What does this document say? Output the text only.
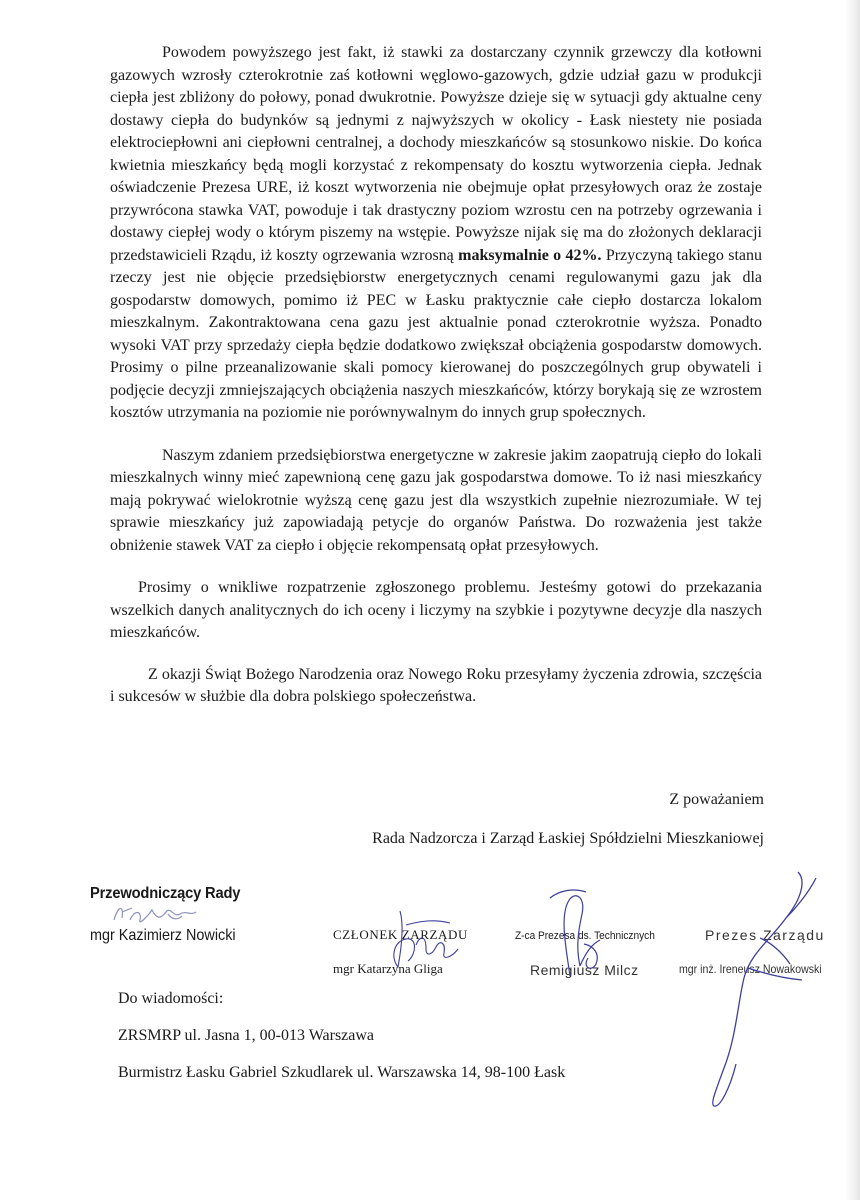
Powodem powyższego jest fakt, iż stawki za dostarczany czynnik grzewczy dla kotłowni gazowych wzrosły czterokrotnie zaś kotłowni węglowo-gazowych, gdzie udział gazu w produkcji ciepła jest zbliżony do połowy, ponad dwukrotnie. Powyższe dzieje się w sytuacji gdy aktualne ceny dostawy ciepła do budynków są jednymi z najwyższych w okolicy - Łask niestety nie posiada elektrociepłowni ani ciepłowni centralnej, a dochody mieszkańców są stosunkowo niskie. Do końca kwietnia mieszkańcy będą mogli korzystać z rekompensaty do kosztu wytworzenia ciepła. Jednak oświadczenie Prezesa URE, iż koszt wytworzenia nie obejmuje opłat przesyłowych oraz że zostaje przywrócona stawka VAT, powoduje i tak drastyczny poziom wzrostu cen na potrzeby ogrzewania i dostawy ciepłej wody o którym piszemy na wstępie. Powyższe nijak się ma do złożonych deklaracji przedstawicieli Rządu, iż koszty ogrzewania wzrosną maksymalnie o 42%. Przyczyną takiego stanu rzeczy jest nie objęcie przedsiębiorstw energetycznych cenami regulowanymi gazu jak dla gospodarstw domowych, pomimo iż PEC w Łasku praktycznie całe ciepło dostarcza lokalom mieszkalnym. Zakontraktowana cena gazu jest aktualnie ponad czterokrotnie wyższa. Ponadto wysoki VAT przy sprzedaży ciepła będzie dodatkowo zwiększał obciążenia gospodarstw domowych. Prosimy o pilne przeanalizowanie skali pomocy kierowanej do poszczególnych grup obywateli i podjęcie decyzji zmniejszających obciążenia naszych mieszkańców, którzy borykają się ze wzrostem kosztów utrzymania na poziomie nie porównywalnym do innych grup społecznych.

Naszym zdaniem przedsiębiorstwa energetyczne w zakresie jakim zaopatrują ciepło do lokali mieszkalnych winny mieć zapewnioną cenę gazu jak gospodarstwa domowe. To iż nasi mieszkańcy mają pokrywać wielokrotnie wyższą cenę gazu jest dla wszystkich zupełnie niezrozumiałe. W tej sprawie mieszkańcy już zapowiadają petycje do organów Państwa. Do rozważenia jest także obniżenie stawek VAT za ciepło i objęcie rekompensatą opłat przesyłowych.

Prosimy o wnikliwe rozpatrzenie zgłoszonego problemu. Jesteśmy gotowi do przekazania wszelkich danych analitycznych do ich oceny i liczymy na szybkie i pozytywne decyzje dla naszych mieszkańców.

Z okazji Świąt Bożego Narodzenia oraz Nowego Roku przesyłamy życzenia zdrowia, szczęścia i sukcesów w służbie dla dobra polskiego społeczeństwa.

Z poważaniem
Rada Nadzorcza i Zarząd Łaskiej Spółdzielni Mieszkaniowej
Przewodniczący Rady
mgr Kazimierz Nowicki	CZŁONEK ZARZĄDU
mgr Katarzyna Gliga
Z-ca Prezesa ds. Technicznych
Remigiusz Milcz
Prezes Zarządu
mgr inż. Ireneusz Nowakowski
Do wiadomości:
ZRSMRP ul. Jasna 1, 00-013 Warszawa
Burmistrz Łasku Gabriel Szkudlarek ul. Warszawska 14, 98-100 Łask
